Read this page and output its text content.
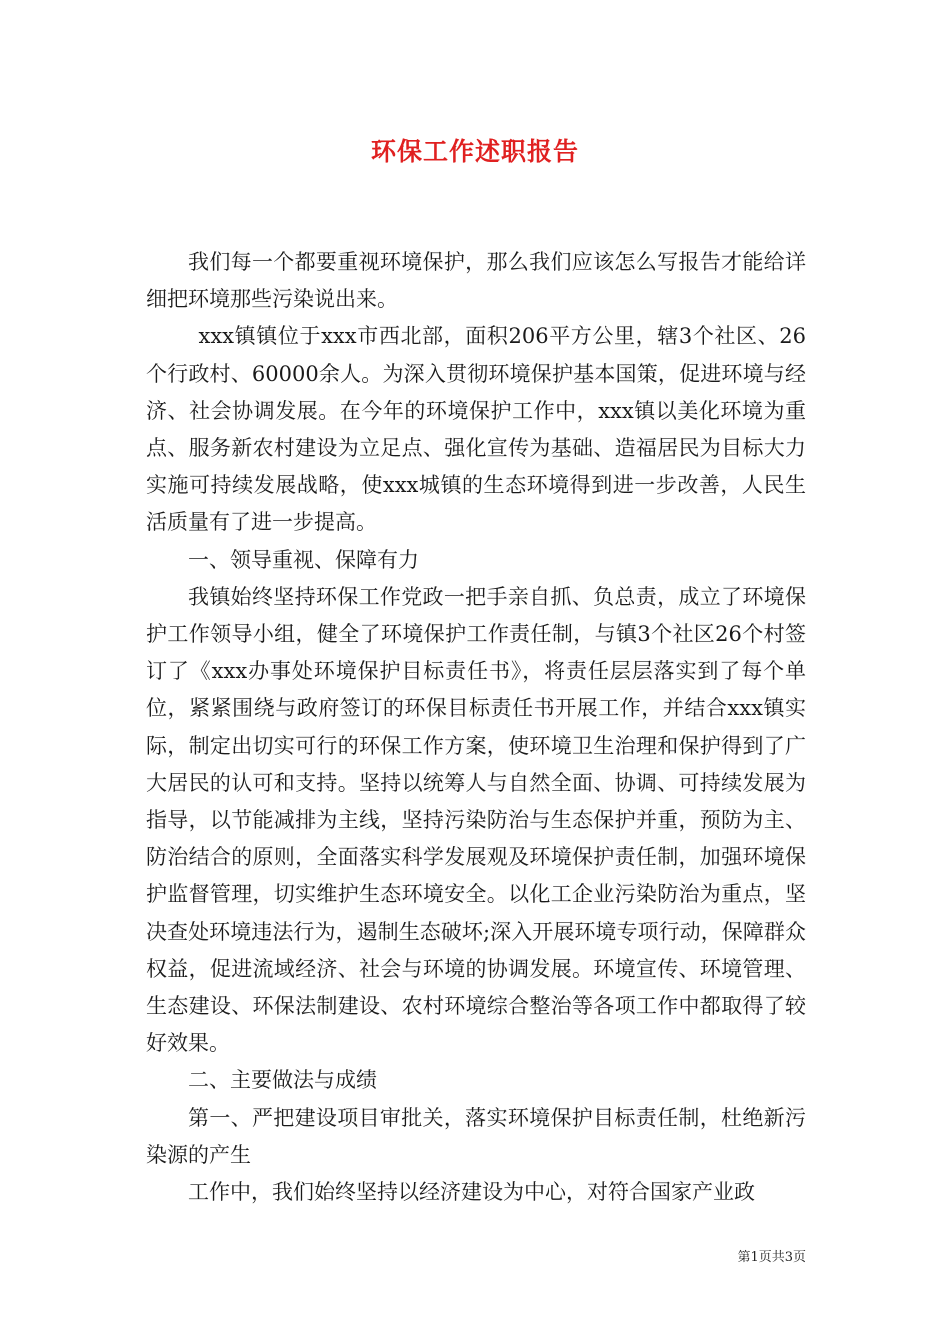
环保工作述职报告

我们每一个都要重视环境保护，那么我们应该怎么写报告才能给详细把环境那些污染说出来。

xxx镇镇位于xxx市西北部，面积206平方公里，辖3个社区、26个行政村、60000余人。为深入贯彻环境保护基本国策，促进环境与经济、社会协调发展。在今年的环境保护工作中，xxx镇以美化环境为重点、服务新农村建设为立足点、强化宣传为基础、造福居民为目标大力实施可持续发展战略，使xxx城镇的生态环境得到进一步改善，人民生活质量有了进一步提高。

一、领导重视、保障有力

我镇始终坚持环保工作党政一把手亲自抓、负总责，成立了环境保护工作领导小组，健全了环境保护工作责任制，与镇3个社区26个村签订了《xxx办事处环境保护目标责任书》，将责任层层落实到了每个单位，紧紧围绕与政府签订的环保目标责任书开展工作，并结合xxx镇实际，制定出切实可行的环保工作方案，使环境卫生治理和保护得到了广大居民的认可和支持。坚持以统筹人与自然全面、协调、可持续发展为指导，以节能减排为主线，坚持污染防治与生态保护并重，预防为主、防治结合的原则，全面落实科学发展观及环境保护责任制，加强环境保护监督管理，切实维护生态环境安全。以化工企业污染防治为重点，坚决查处环境违法行为，遏制生态破坏;深入开展环境专项行动，保障群众权益，促进流域经济、社会与环境的协调发展。环境宣传、环境管理、生态建设、环保法制建设、农村环境综合整治等各项工作中都取得了较好效果。

二、主要做法与成绩

第一、严把建设项目审批关，落实环境保护目标责任制，杜绝新污染源的产生

工作中，我们始终坚持以经济建设为中心，对符合国家产业政

第1页共3页
